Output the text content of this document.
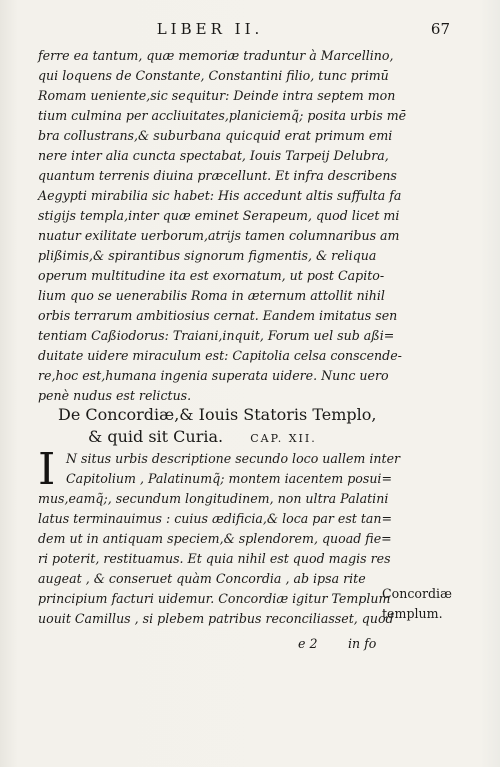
LIBER II.	67
ferre ea tantum, quæ memoriæ traduntur à Marcellino,
qui loquens de Constante, Constantini filio, tunc primū
Romam ueniente,sic sequitur: Deinde intra septem mon
tium culmina per accliuitates,planiciemq̃; posita urbis mē
bra collustrans,& suburbana quicquid erat primum emi
nere inter alia cuncta spectabat, Iouis Tarpeij Delubra,
quantum terrenis diuina præcellunt. Et infra describens
Aegypti mirabilia sic habet: His accedunt altis suffulta fa
stigijs templa,inter quæ eminet Serapeum, quod licet mi
nuatur exilitate uerborum,atrijs tamen columnaribus am
plißimis,& spirantibus signorum figmentis, & reliqua
operum multitudine ita est exornatum, ut post Capito-
lium quo se uenerabilis Roma in æternum attollit nihil
orbis terrarum ambitiosius cernat. Eandem imitatus sen
tentiam Caßiodorus: Traiani,inquit, Forum uel sub aßi=
duitate uidere miraculum est: Capitolia celsa conscende-
re,hoc est,humana ingenia superata uidere. Nunc uero
penè nudus est relictus.
De Concordiæ,& Iouis Statoris Templo,
& quid sit Curia. CAP. XII.
I N situs urbis descriptione secundo loco uallem inter
Capitolium , Palatinumq̃; montem iacentem posui=
mus,eamq̃;, secundum longitudinem, non ultra Palatini
latus terminauimus : cuius ædificia,& loca par est tan=
dem ut in antiquam speciem,& splendorem, quoad fie=
ri poterit, restituamus. Et quia nihil est quod magis res
augeat , & conseruet quàm Concordia , ab ipsa rite
principium facturi uidemur. Concordiæ igitur Templum
uouit Camillus , si plebem patribus reconciliasset, quod
Concordiæ
templum.
e 2 in fo
